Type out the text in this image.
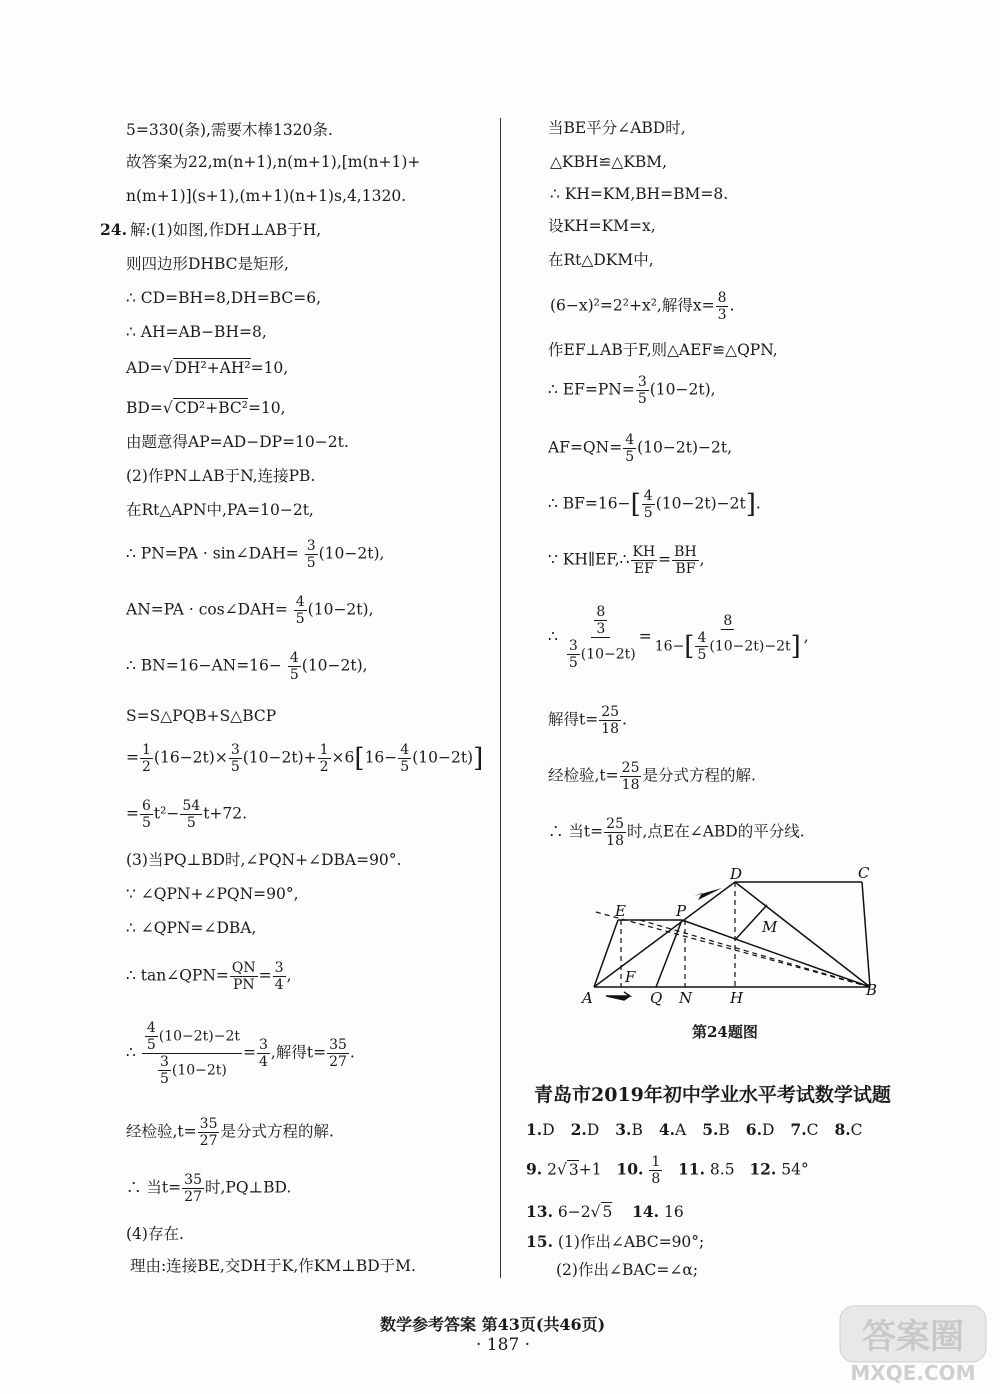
5=330(条),需要木棒1320条.
故答案为22,m(n+1),n(m+1),[m(n+1)+
n(m+1)](s+1),(m+1)(n+1)s,4,1320.
24. 解:(1)如图,作DH⊥AB于H,
则四边形DHBC是矩形,
∴ CD=BH=8,DH=BC=6,
∴ AH=AB−BH=8,
AD=√ DH²+AH²=10,
BD=√ CD²+BC²=10,
由题意得AP=AD−DP=10−2t.
(2)作PN⊥AB于N,连接PB.
在Rt△APN中,PA=10−2t,
∴ PN=PA · sin∠DAH= $\frac{3}{5} (10-2t)$,
AN=PA · cos∠DAH= $\frac{4}{5} (10-2t)$,
∴ $BN=16-AN=16- \frac{4}{5} (10-2t)$,
S=S△PQB+S△BCP
= $\frac{1}{2} (16-2t)\times \frac{3}{5} (10-2t)+ \frac{1}{2} \times 6[16- \frac{4}{5} (10-2t)]$
= $\frac{6}{5} t^2- \frac{54}{5} t+72$.
(3)当PQ⊥BD时,∠PQN+∠DBA=90°.
∵ ∠QPN+∠PQN=90°,
∴ ∠QPN=∠DBA,
∴ tan∠QPN= $\frac{QN}{PN} = \frac{3}{4}$ ,
∴ $\frac{\frac{4}{5} (10-2t)-2t}{\frac{3}{5} (10-2t)} = \frac{3}{4}$ ,解得$t= \frac{35}{27}$ .
经检验$,t= \frac{35}{27}$ 是分式方程的解.
∴ 当$t= \frac{35}{27}$ 时,PQ⊥BD.
(4)存在.
理由:连接BE,交DH于K,作KM⊥BD于M.
当BE平分∠ABD时,
△KBH≌△KBM,
∴ KH=KM,BH=BM=8.
设KH=KM=x,
在Rt△DKM中,
(6−x)²=2²+x²,解得$x= \frac{8}{3}$ .
作EF⊥AB于F,则△AEF≌△QPN,
∴ $EF=PN= \frac{3}{5} (10-2t)$,
$AF=QN= \frac{4}{5} (10-2t)-2t$,
∴ $BF=16-[ \frac{4}{5} (10-2t)-2t]$.
∵ KH∥EF,∴ $\frac{KH}{EF} = \frac{BH}{BF}$ ,
∴ $\frac{\frac{8}{3}}{\frac{3}{5} (10-2t)} = \frac{8}{16-[ \frac{4}{5} (10-2t)-2t]}$ ,
解得$t= \frac{25}{18}$ .
经检验$,t= \frac{25}{18}$ 是分式方程的解.
∴ 当$t= \frac{25}{18}$ 时,点E在∠ABD的平分线.
A	B
C
D
E	P
M
F
Q N	H
第24题图
青岛市2019年初中学业水平考试数学试题
1.D 2.D 3.B 4.A 5.B 6.D 7.C 8.C
9. 2√ 3+1 10. $\frac{1}{8} 11$. 8.5 12. 54°
13. 6−2√ 5 14. 16
15. (1)作出∠ABC=90°;
(2)作出∠BAC=∠α;
数学参考答案 第43页(共46页)
· 187 ·	答案圈
MXQE.COM
